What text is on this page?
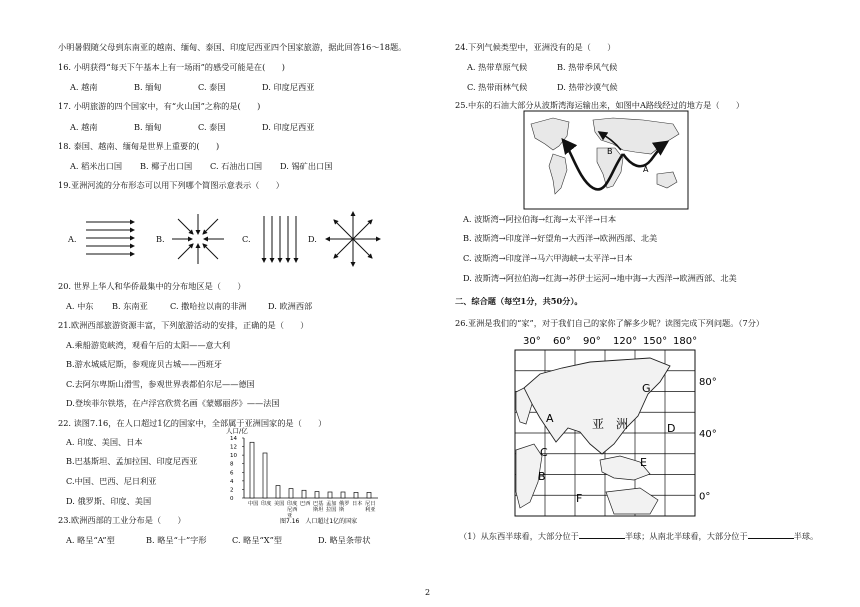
小明暑假随父母到东南亚的越南、缅甸、泰国、印度尼西亚四个国家旅游，据此回答16～18题。
16. 小明获得“每天下午基本上有一场雨”的感受可能是在(　　)
A. 越南	B. 缅甸	C. 泰国	D. 印度尼西亚
17. 小明旅游的四个国家中，有“火山国”之称的是(　　)
A. 越南	B. 缅甸	C. 泰国	D. 印度尼西亚
18. 泰国、越南、缅甸是世界上重要的(　　)
A. 稻米出口国 B. 椰子出口国 C. 石油出口国 D. 锡矿出口国
19.亚洲河流的分布形态可以用下列哪个简图示意表示（　　）
A.	B.	C.	D.
20. 世界上华人和华侨最集中的分布地区是（　　）
A. 中东 B. 东南亚	C. 撒哈拉以南的非洲	D. 欧洲西部
21.欧洲西部旅游资源丰富，下列旅游活动的安排，正确的是（　　）
A.乘船游览峡湾，观看午后的太阳——意大利
B.游水城威尼斯，参观庞贝古城——西班牙
C.去阿尔卑斯山滑雪，参观世界表都伯尔尼——德国
D.登埃菲尔铁塔，在卢浮宫欣赏名画《蒙娜丽莎》——法国
22. 读图7.16，在人口超过1亿的国家中，全部属于亚洲国家的是（　　）
A. 印度、美国、日本
B.巴基斯坦、孟加拉国、印度尼西亚
C.中国、巴西、尼日利亚
D. 俄罗斯、印度、美国
23.欧洲西部的工业分布是（　　）
A. 略呈“A”型	B. 略呈“十”字形	C. 略呈“X”型	D. 略呈条带状
人口/亿
14
12
10
8
6
4
2
0
中国 印度 美国 印度尼西亚
巴西 巴基斯坦
孟加拉国
俄罗斯
日本 尼日利亚
图7.16　人口超过1亿的国家
24.下列气候类型中，亚洲没有的是（　　）
A. 热带草原气候	B. 热带季风气候
C. 热带雨林气候	D. 热带沙漠气候
25.中东的石油大部分从波斯湾海运输出来，如图中A路线经过的地方是（　　）
A
B
A. 波斯湾→阿拉伯海→红海→太平洋→日本
B. 波斯湾→印度洋→好望角→大西洋→欧洲西部、北美
C. 波斯湾→印度洋→马六甲海峡→太平洋→日本
D. 波斯湾→阿拉伯海→红海→苏伊士运河→地中海→大西洋→欧洲西部、北美
二、综合题（每空1分，共50分）。
26.亚洲是我们的“家”，对于我们自己的家你了解多少呢？读图完成下列问题。（7分）
30° 60° 90° 120° 150° 180°
80°
40°
0°
亚　洲
A
B
C
D
E
F
G
（1）从东西半球看，大部分位于	半球；从南北半球看，大部分位于	半球。
2
